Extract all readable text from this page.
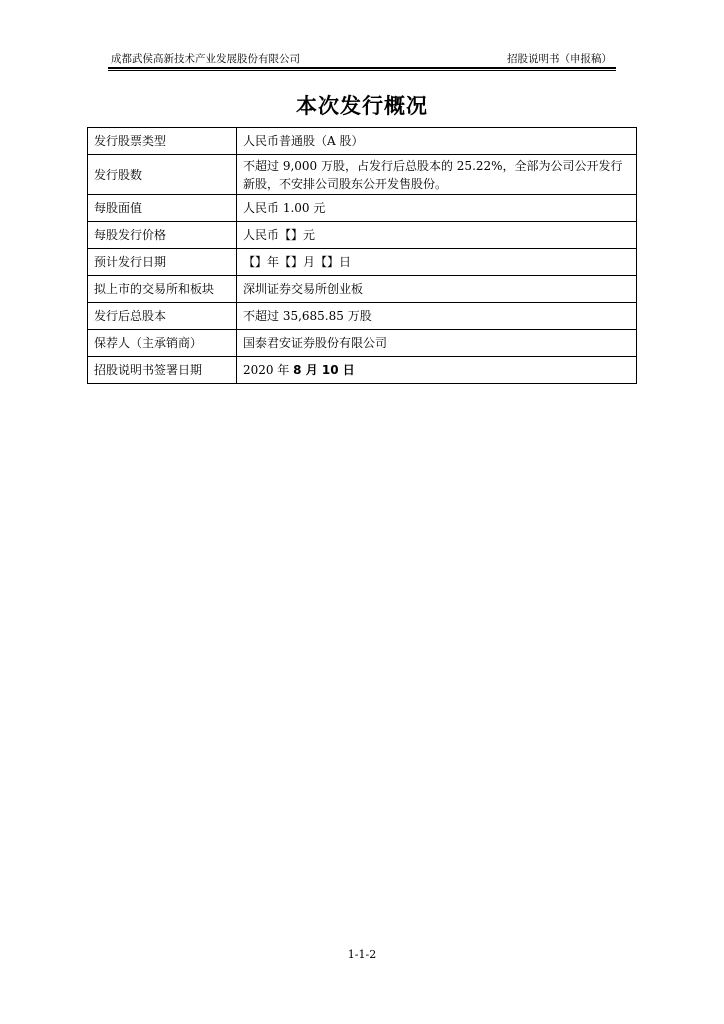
成都武侯高新技术产业发展股份有限公司	招股说明书（申报稿）
本次发行概况
发行股票类型	人民币普通股（A 股）
发行股数	不超过 9,000 万股，占发行后总股本的 25.22%，全部为公司公开发行新股，不安排公司股东公开发售股份。
每股面值	人民币 1.00 元
每股发行价格	人民币【】元
预计发行日期	【】年【】月【】日
拟上市的交易所和板块	深圳证券交易所创业板
发行后总股本	不超过 35,685.85 万股
保荐人（主承销商）	国泰君安证券股份有限公司
招股说明书签署日期	2020 年 8 月 10 日
1-1-2
